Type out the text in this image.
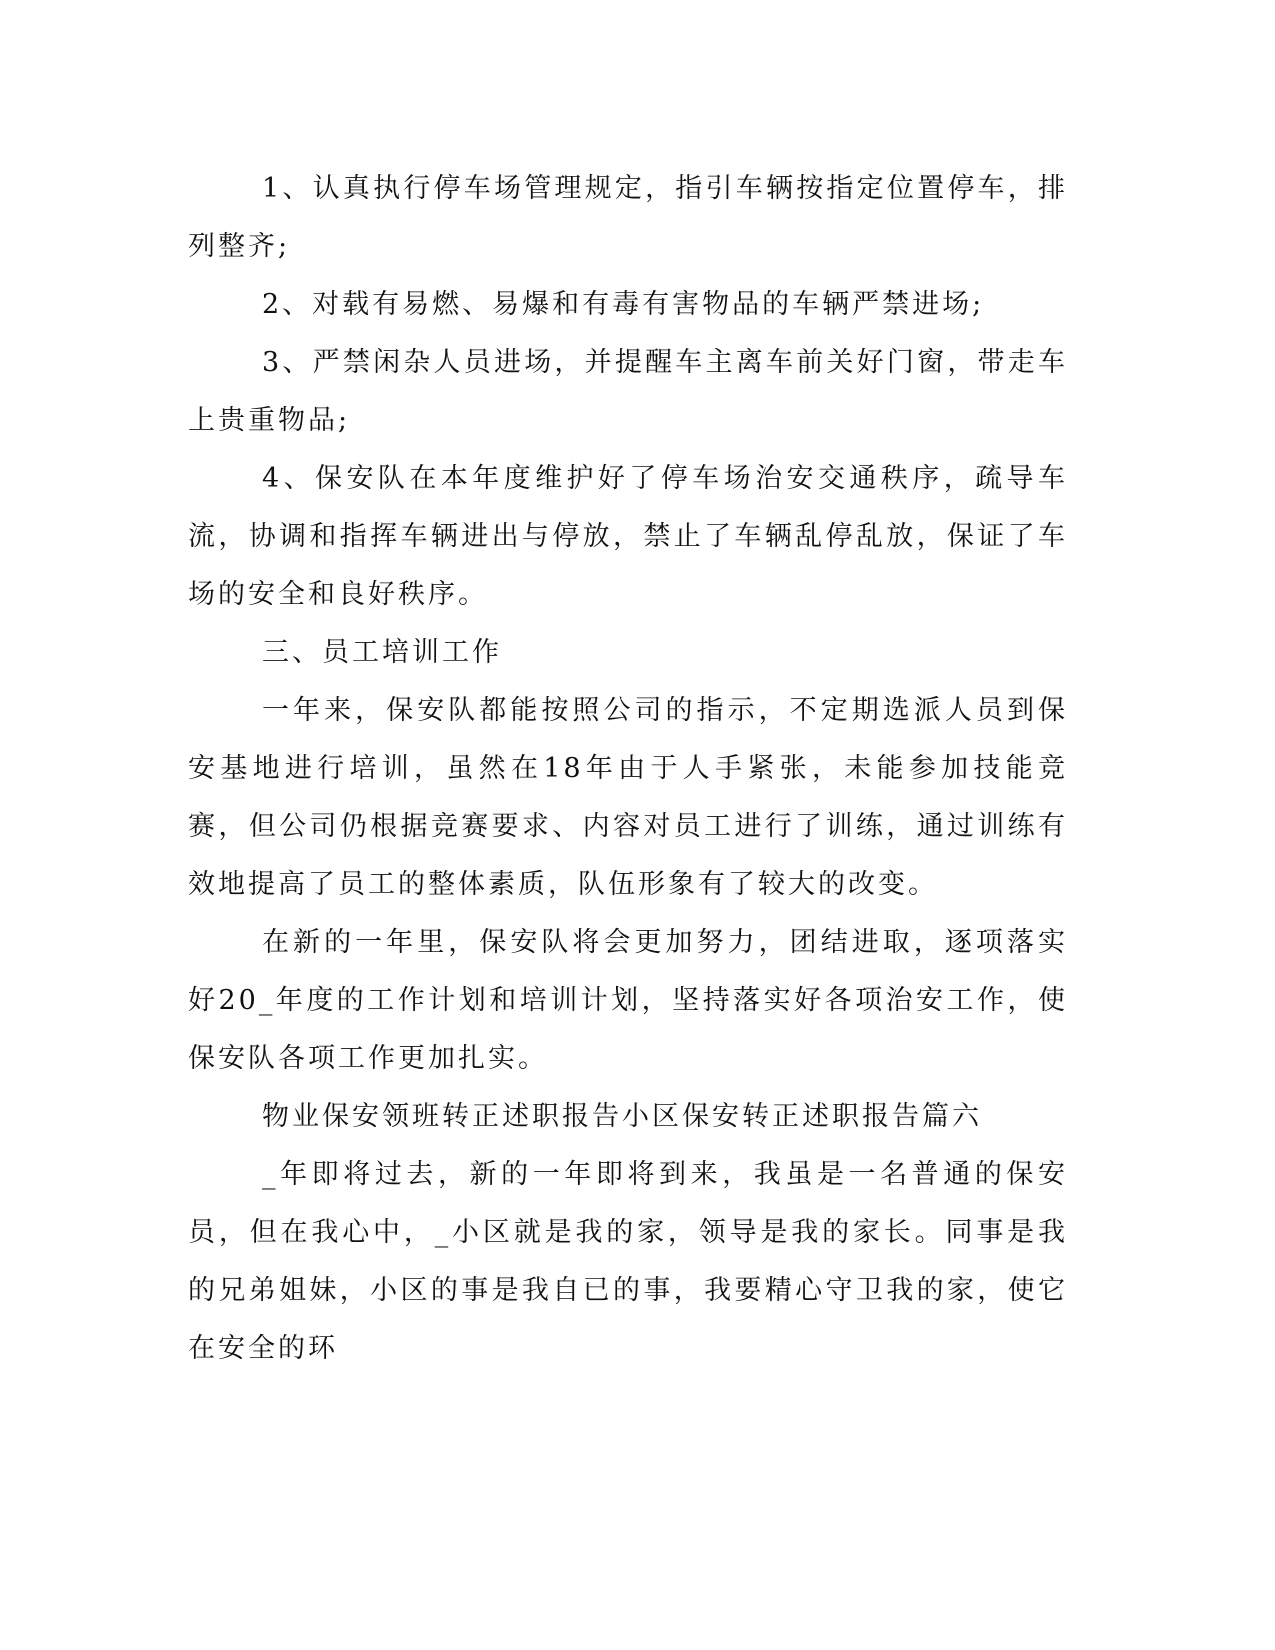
1、认真执行停车场管理规定，指引车辆按指定位置停车，排列整齐;

2、对载有易燃、易爆和有毒有害物品的车辆严禁进场;

3、严禁闲杂人员进场，并提醒车主离车前关好门窗，带走车上贵重物品;

4、保安队在本年度维护好了停车场治安交通秩序，疏导车流，协调和指挥车辆进出与停放，禁止了车辆乱停乱放，保证了车场的安全和良好秩序。

三、员工培训工作

一年来，保安队都能按照公司的指示，不定期选派人员到保安基地进行培训，虽然在18年由于人手紧张，未能参加技能竞赛，但公司仍根据竞赛要求、内容对员工进行了训练，通过训练有效地提高了员工的整体素质，队伍形象有了较大的改变。

在新的一年里，保安队将会更加努力，团结进取，逐项落实好20_年度的工作计划和培训计划，坚持落实好各项治安工作，使保安队各项工作更加扎实。

物业保安领班转正述职报告小区保安转正述职报告篇六

_年即将过去，新的一年即将到来，我虽是一名普通的保安员，但在我心中，_小区就是我的家，领导是我的家长。同事是我的兄弟姐妹，小区的事是我自已的事，我要精心守卫我的家，使它在安全的环
